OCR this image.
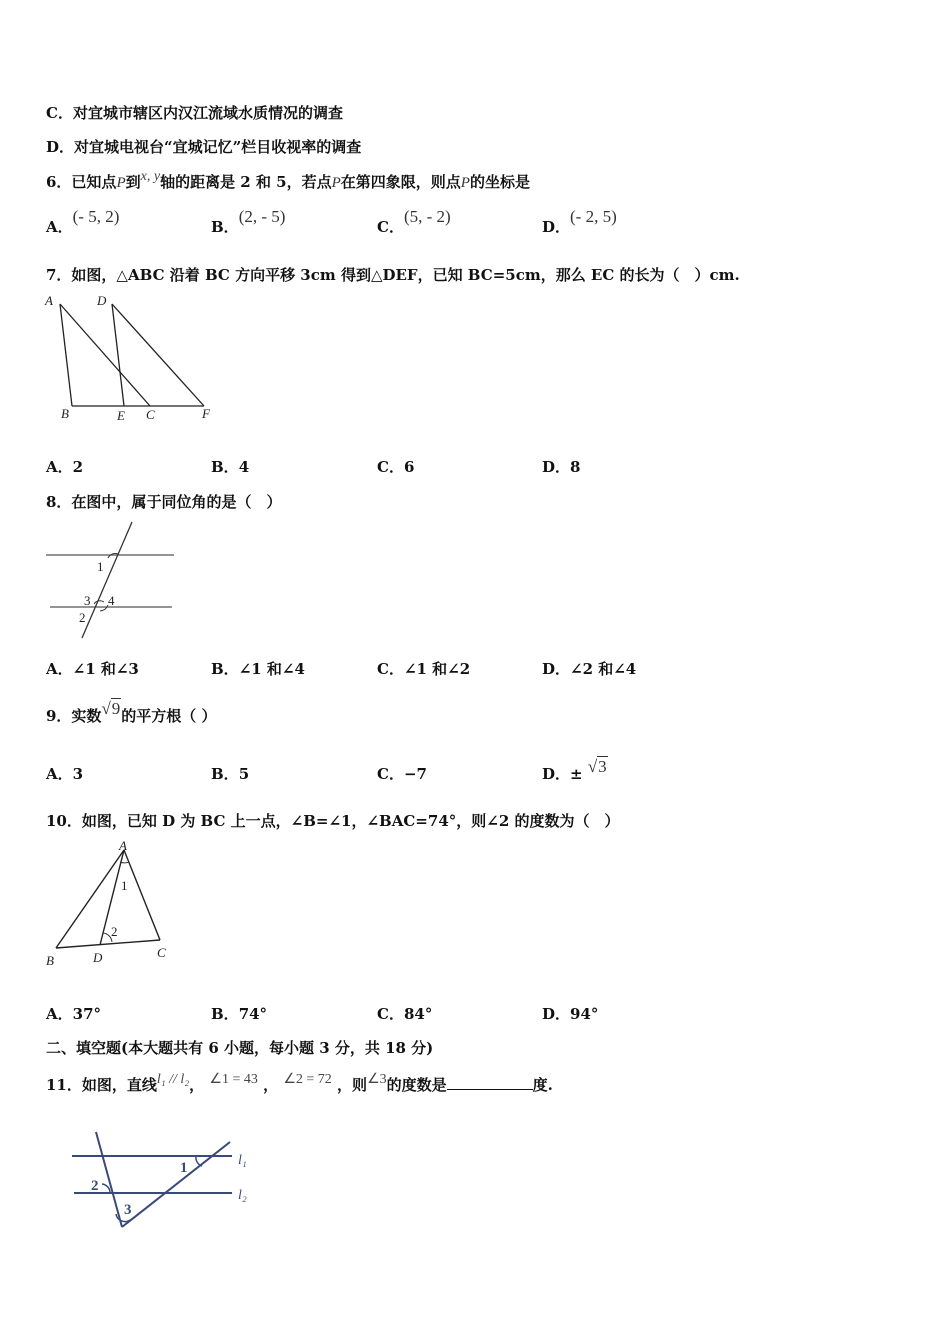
C．对宜城市辖区内汉江流域水质情况的调查
D．对宜城电视台“宜城记忆”栏目收视率的调查
6．已知点P到x, y轴的距离是 2 和 5，若点P在第四象限，则点P的坐标是
A．(- 5, 2)
B．(2, - 5)
C．(5, - 2)
D．(- 2, 5)
7．如图，△ABC 沿着 BC 方向平移 3cm 得到△DEF，已知 BC=5cm，那么 EC 的长为（　）cm.
A	D
B	E C	F
A．2	B．4	C．6	D．8
8．在图中，属于同位角的是（　）
1
3 4
2
A．∠1 和∠3	B．∠1 和∠4	C．∠1 和∠2	D．∠2 和∠4
9．实数√9的平方根（ ）
A．3	B．5	C．−7	D．± √3
10．如图，已知 D 为 BC 上一点，∠B=∠1，∠BAC=74°，则∠2 的度数为（　）
A
1
2
B	D	C
A．37°	B．74°	C．84°	D．94°
二、填空题(本大题共有 6 小题，每小题 3 分，共 18 分)
11．如图，直线l₁ // l₂， ∠1 = 43 ， ∠2 = 72 ，则∠3的度数是	度.
1
2
3
l₁
l₂
